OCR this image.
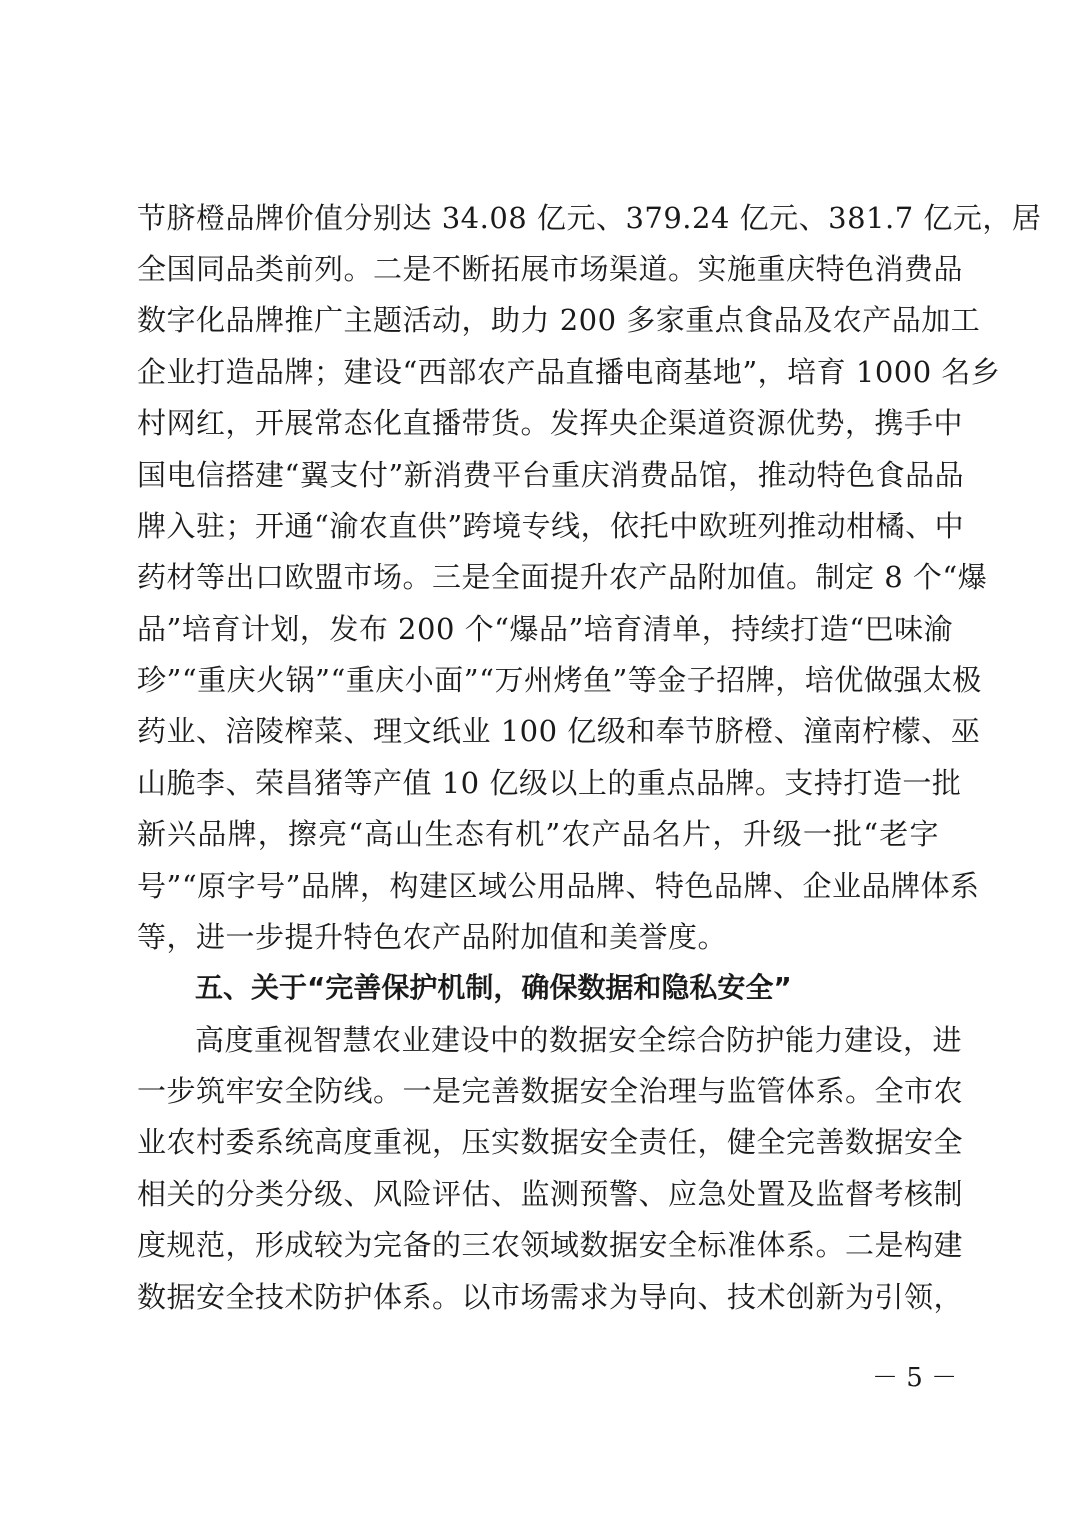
节脐橙品牌价值分别达 34.08 亿元、379.24 亿元、381.7 亿元，居
全国同品类前列。二是不断拓展市场渠道。实施重庆特色消费品
数字化品牌推广主题活动，助力 200 多家重点食品及农产品加工
企业打造品牌；建设“西部农产品直播电商基地”，培育 1000 名乡
村网红，开展常态化直播带货。发挥央企渠道资源优势，携手中
国电信搭建“翼支付”新消费平台重庆消费品馆，推动特色食品品
牌入驻；开通“渝农直供”跨境专线，依托中欧班列推动柑橘、中
药材等出口欧盟市场。三是全面提升农产品附加值。制定 8 个“爆
品”培育计划，发布 200 个“爆品”培育清单，持续打造“巴味渝
珍”“重庆火锅”“重庆小面”“万州烤鱼”等金子招牌，培优做强太极
药业、涪陵榨菜、理文纸业 100 亿级和奉节脐橙、潼南柠檬、巫
山脆李、荣昌猪等产值 10 亿级以上的重点品牌。支持打造一批
新兴品牌，擦亮“高山生态有机”农产品名片，升级一批“老字
号”“原字号”品牌，构建区域公用品牌、特色品牌、企业品牌体系
等，进一步提升特色农产品附加值和美誉度。
五、关于“完善保护机制，确保数据和隐私安全”
高度重视智慧农业建设中的数据安全综合防护能力建设，进
一步筑牢安全防线。一是完善数据安全治理与监管体系。全市农
业农村委系统高度重视，压实数据安全责任，健全完善数据安全
相关的分类分级、风险评估、监测预警、应急处置及监督考核制
度规范，形成较为完备的三农领域数据安全标准体系。二是构建
数据安全技术防护体系。以市场需求为导向、技术创新为引领，
－ 5 －
